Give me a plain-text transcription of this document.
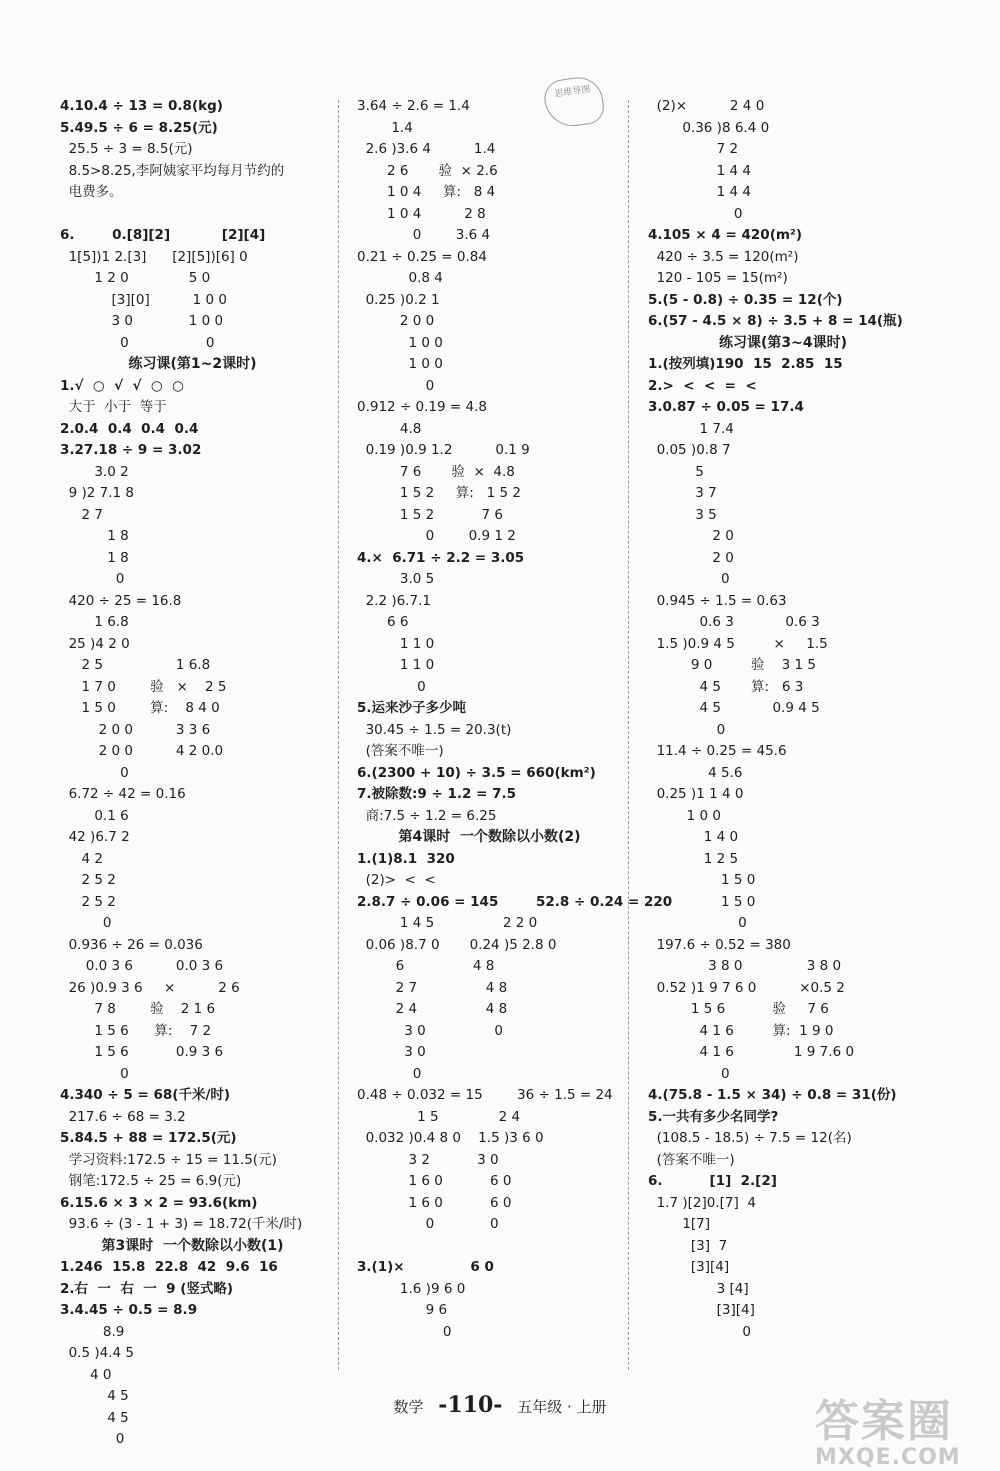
思维导图
4.10.4 ÷ 13 = 0.8(kg)
5.49.5 ÷ 6 = 8.25(元)
25.5 ÷ 3 = 8.5(元)
8.5>8.25,李阿姨家平均每月节约的
电费多。
6.        0.[8][2]           [2][4]
1[5])1 2.[3]      [2][5])[6] 0
1 2 0              5 0
[3][0]          1 0 0
3 0             1 0 0
0                  0
练习课(第1~2课时)
1.√  ○  √  √  ○  ○
大于  小于  等于
2.0.4  0.4  0.4  0.4
3.27.18 ÷ 9 = 3.02
3.0 2
9 )2 7.1 8
2 7
1 8
1 8
0
420 ÷ 25 = 16.8
1 6.8
25 )4 2 0
2 5                 1 6.8
1 7 0        验   ×    2 5
1 5 0        算:    8 4 0
2 0 0          3 3 6
2 0 0          4 2 0.0
0
6.72 ÷ 42 = 0.16
0.1 6
42 )6.7 2
4 2
2 5 2
2 5 2
0
0.936 ÷ 26 = 0.036
0.0 3 6          0.0 3 6
26 )0.9 3 6     ×          2 6
7 8        验    2 1 6
1 5 6      算:    7 2
1 5 6           0.9 3 6
0
4.340 ÷ 5 = 68(千米/时)
217.6 ÷ 68 = 3.2
5.84.5 + 88 = 172.5(元)
学习资料:172.5 ÷ 15 = 11.5(元)
钢笔:172.5 ÷ 25 = 6.9(元)
6.15.6 × 3 × 2 = 93.6(km)
93.6 ÷ (3 - 1 + 3) = 18.72(千米/时)
第3课时  一个数除以小数(1)
1.246  15.8  22.8  42  9.6  16
2.右  一  右  一  9 (竖式略)
3.4.45 ÷ 0.5 = 8.9
8.9
0.5 )4.4 5
4 0
4 5
4 5
0
3.64 ÷ 2.6 = 1.4
1.4
2.6 )3.6 4          1.4
2 6       验  × 2.6
1 0 4     算:   8 4
1 0 4          2 8
0        3.6 4
0.21 ÷ 0.25 = 0.84
0.8 4
0.25 )0.2 1
2 0 0
1 0 0
1 0 0
0
0.912 ÷ 0.19 = 4.8
4.8
0.19 )0.9 1.2          0.1 9
7 6       验  ×  4.8
1 5 2     算:   1 5 2
1 5 2           7 6
0        0.9 1 2
4.×  6.71 ÷ 2.2 = 3.05
3.0 5
2.2 )6.7.1
6 6
1 1 0
1 1 0
0
5.运来沙子多少吨
30.45 ÷ 1.5 = 20.3(t)
(答案不唯一)
6.(2300 + 10) ÷ 3.5 = 660(km²)
7.被除数:9 ÷ 1.2 = 7.5
商:7.5 ÷ 1.2 = 6.25
第4课时  一个数除以小数(2)
1.(1)8.1  320
(2)>  <  <
2.8.7 ÷ 0.06 = 145        52.8 ÷ 0.24 = 220
1 4 5                2 2 0
0.06 )8.7 0       0.24 )5 2.8 0
6                4 8
2 7                4 8
2 4                4 8
3 0                0
3 0
0
0.48 ÷ 0.032 = 15        36 ÷ 1.5 = 24
1 5              2 4
0.032 )0.4 8 0    1.5 )3 6 0
3 2           3 0
1 6 0           6 0
1 6 0           6 0
0             0
3.(1)×              6 0
1.6 )9 6 0
9 6
0
(2)×          2 4 0
0.36 )8 6.4 0
7 2
1 4 4
1 4 4
0
4.105 × 4 = 420(m²)
420 ÷ 3.5 = 120(m²)
120 - 105 = 15(m²)
5.(5 - 0.8) ÷ 0.35 = 12(个)
6.(57 - 4.5 × 8) ÷ 3.5 + 8 = 14(瓶)
练习课(第3~4课时)
1.(按列填)190  15  2.85  15
2.>  <  <  =  <
3.0.87 ÷ 0.05 = 17.4
1 7.4
0.05 )0.8 7
5
3 7
3 5
2 0
2 0
0
0.945 ÷ 1.5 = 0.63
0.6 3            0.6 3
1.5 )0.9 4 5         ×     1.5
9 0         验    3 1 5
4 5       算:   6 3
4 5            0.9 4 5
0
11.4 ÷ 0.25 = 45.6
4 5.6
0.25 )1 1 4 0
1 0 0
1 4 0
1 2 5
1 5 0
1 5 0
0
197.6 ÷ 0.52 = 380
3 8 0               3 8 0
0.52 )1 9 7 6 0          ×0.5 2
1 5 6           验     7 6
4 1 6         算:  1 9 0
4 1 6              1 9 7.6 0
0
4.(75.8 - 1.5 × 34) ÷ 0.8 = 31(份)
5.一共有多少名同学?
(108.5 - 18.5) ÷ 7.5 = 12(名)
(答案不唯一)
6.          [1]  2.[2]
1.7 )[2]0.[7]  4
1[7]
[3]  7
[3][4]
3 [4]
[3][4]
0
数学 -110- 五年级 · 上册	答案圈
MXQE.COM
